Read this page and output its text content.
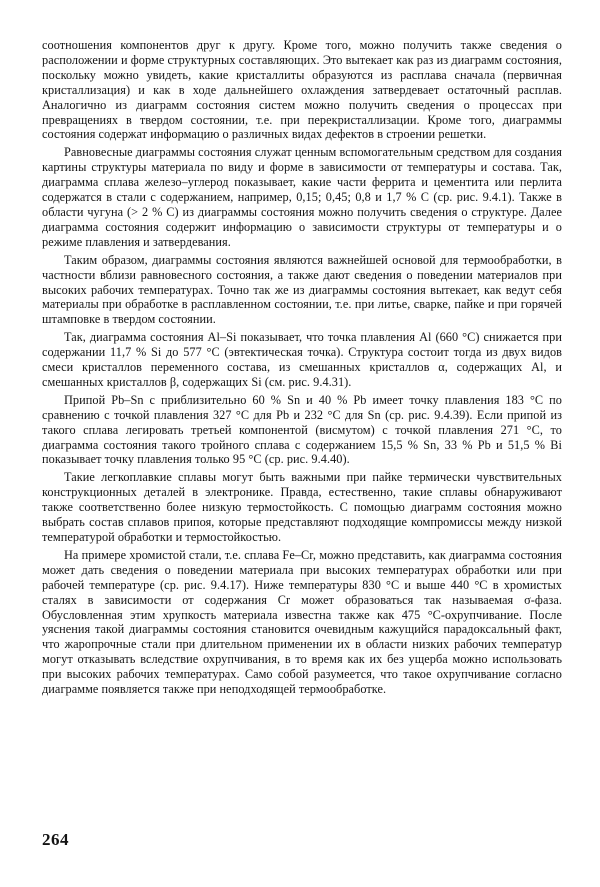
соотношения компонентов друг к другу. Кроме того, можно получить также сведения о расположении и форме структурных составляющих. Это вытекает как раз из диаграмм состояния, поскольку можно увидеть, какие кристаллиты образуются из расплава сначала (первичная кристаллизация) и как в ходе дальнейшего охлаждения затвердевает остаточный расплав. Аналогично из диаграмм состояния систем можно получить сведения о процессах при превращениях в твердом состоянии, т.е. при перекристаллизации. Кроме того, диаграммы состояния содержат информацию о различных видах дефектов в строении решетки.

Равновесные диаграммы состояния служат ценным вспомогательным средством для создания картины структуры материала по виду и форме в зависимости от температуры и состава. Так, диаграмма сплава железо–углерод показывает, какие части феррита и цементита или перлита содержатся в стали с содержанием, например, 0,15; 0,45; 0,8 и 1,7 % С (ср. рис. 9.4.1). Также в области чугуна (> 2 % С) из диаграммы состояния можно получить сведения о структуре. Далее диаграмма состояния содержит информацию о зависимости структуры от температуры и о режиме плавления и затвердевания.

Таким образом, диаграммы состояния являются важнейшей основой для термообработки, в частности вблизи равновесного состояния, а также дают сведения о поведении материалов при высоких рабочих температурах. Точно так же из диаграммы состояния вытекает, как ведут себя материалы при обработке в расплавленном состоянии, т.е. при литье, сварке, пайке и при горячей штамповке в твердом состоянии.

Так, диаграмма состояния Al–Si показывает, что точка плавления Al (660 °С) снижается при содержании 11,7 % Si до 577 °С (эвтектическая точка). Структура состоит тогда из двух видов смеси кристаллов переменного состава, из смешанных кристаллов α, содержащих Al, и смешанных кристаллов β, содержащих Si (см. рис. 9.4.31).

Припой Pb–Sn с приблизительно 60 % Sn и 40 % Pb имеет точку плавления 183 °С по сравнению с точкой плавления 327 °С для Pb и 232 °С для Sn (ср. рис. 9.4.39). Если припой из такого сплава легировать третьей компонентой (висмутом) с точкой плавления 271 °С, то диаграмма состояния такого тройного сплава с содержанием 15,5 % Sn, 33 % Pb и 51,5 % Bi показывает точку плавления только 95 °С (ср. рис. 9.4.40).

Такие легкоплавкие сплавы могут быть важными при пайке термически чувствительных конструкционных деталей в электронике. Правда, естественно, такие сплавы обнаруживают также соответственно более низкую термостойкость. С помощью диаграмм состояния можно выбрать состав сплавов припоя, которые представляют подходящие компромиссы между низкой температурой обработки и термостойкостью.

На примере хромистой стали, т.е. сплава Fe–Cr, можно представить, как диаграмма состояния может дать сведения о поведении материала при высоких температурах обработки или при рабочей температуре (ср. рис. 9.4.17). Ниже температуры 830 °С и выше 440 °С в хромистых сталях в зависимости от содержания Cr может образоваться так называемая σ-фаза. Обусловленная этим хрупкость материала известна также как 475 °С-охрупчивание. После уяснения такой диаграммы состояния становится очевидным кажущийся парадоксальный факт, что жаропрочные стали при длительном применении их в области низких рабочих температур могут отказывать вследствие охрупчивания, в то время как их без ущерба можно использовать при высоких рабочих температурах. Само собой разумеется, что такое охрупчивание согласно диаграмме появляется также при неподходящей термообработке.

264
